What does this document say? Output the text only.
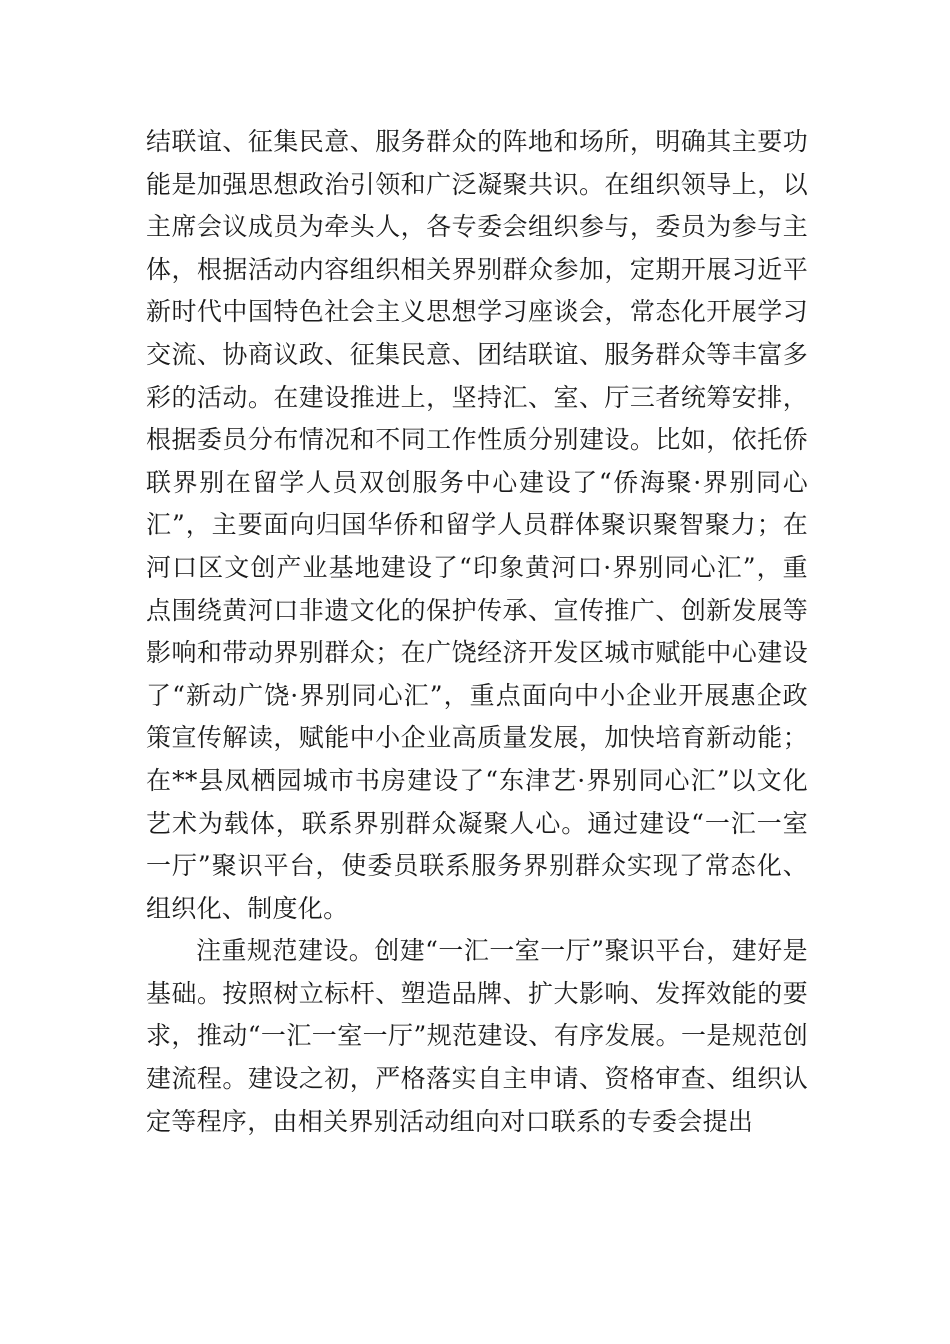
结联谊、征集民意、服务群众的阵地和场所，明确其主要功能是加强思想政治引领和广泛凝聚共识。在组织领导上，以主席会议成员为牵头人，各专委会组织参与，委员为参与主体，根据活动内容组织相关界别群众参加，定期开展习近平新时代中国特色社会主义思想学习座谈会，常态化开展学习交流、协商议政、征集民意、团结联谊、服务群众等丰富多彩的活动。在建设推进上，坚持汇、室、厅三者统筹安排，根据委员分布情况和不同工作性质分别建设。比如，依托侨联界别在留学人员双创服务中心建设了“侨海聚·界别同心汇”，主要面向归国华侨和留学人员群体聚识聚智聚力；在河口区文创产业基地建设了“印象黄河口·界别同心汇”，重点围绕黄河口非遗文化的保护传承、宣传推广、创新发展等影响和带动界别群众；在广饶经济开发区城市赋能中心建设了“新动广饶·界别同心汇”，重点面向中小企业开展惠企政策宣传解读，赋能中小企业高质量发展，加快培育新动能；在**县凤栖园城市书房建设了“东津艺·界别同心汇”以文化艺术为载体，联系界别群众凝聚人心。通过建设“一汇一室一厅”聚识平台，使委员联系服务界别群众实现了常态化、组织化、制度化。

注重规范建设。创建“一汇一室一厅”聚识平台，建好是基础。按照树立标杆、塑造品牌、扩大影响、发挥效能的要求，推动“一汇一室一厅”规范建设、有序发展。一是规范创建流程。建设之初，严格落实自主申请、资格审查、组织认定等程序，由相关界别活动组向对口联系的专委会提出
